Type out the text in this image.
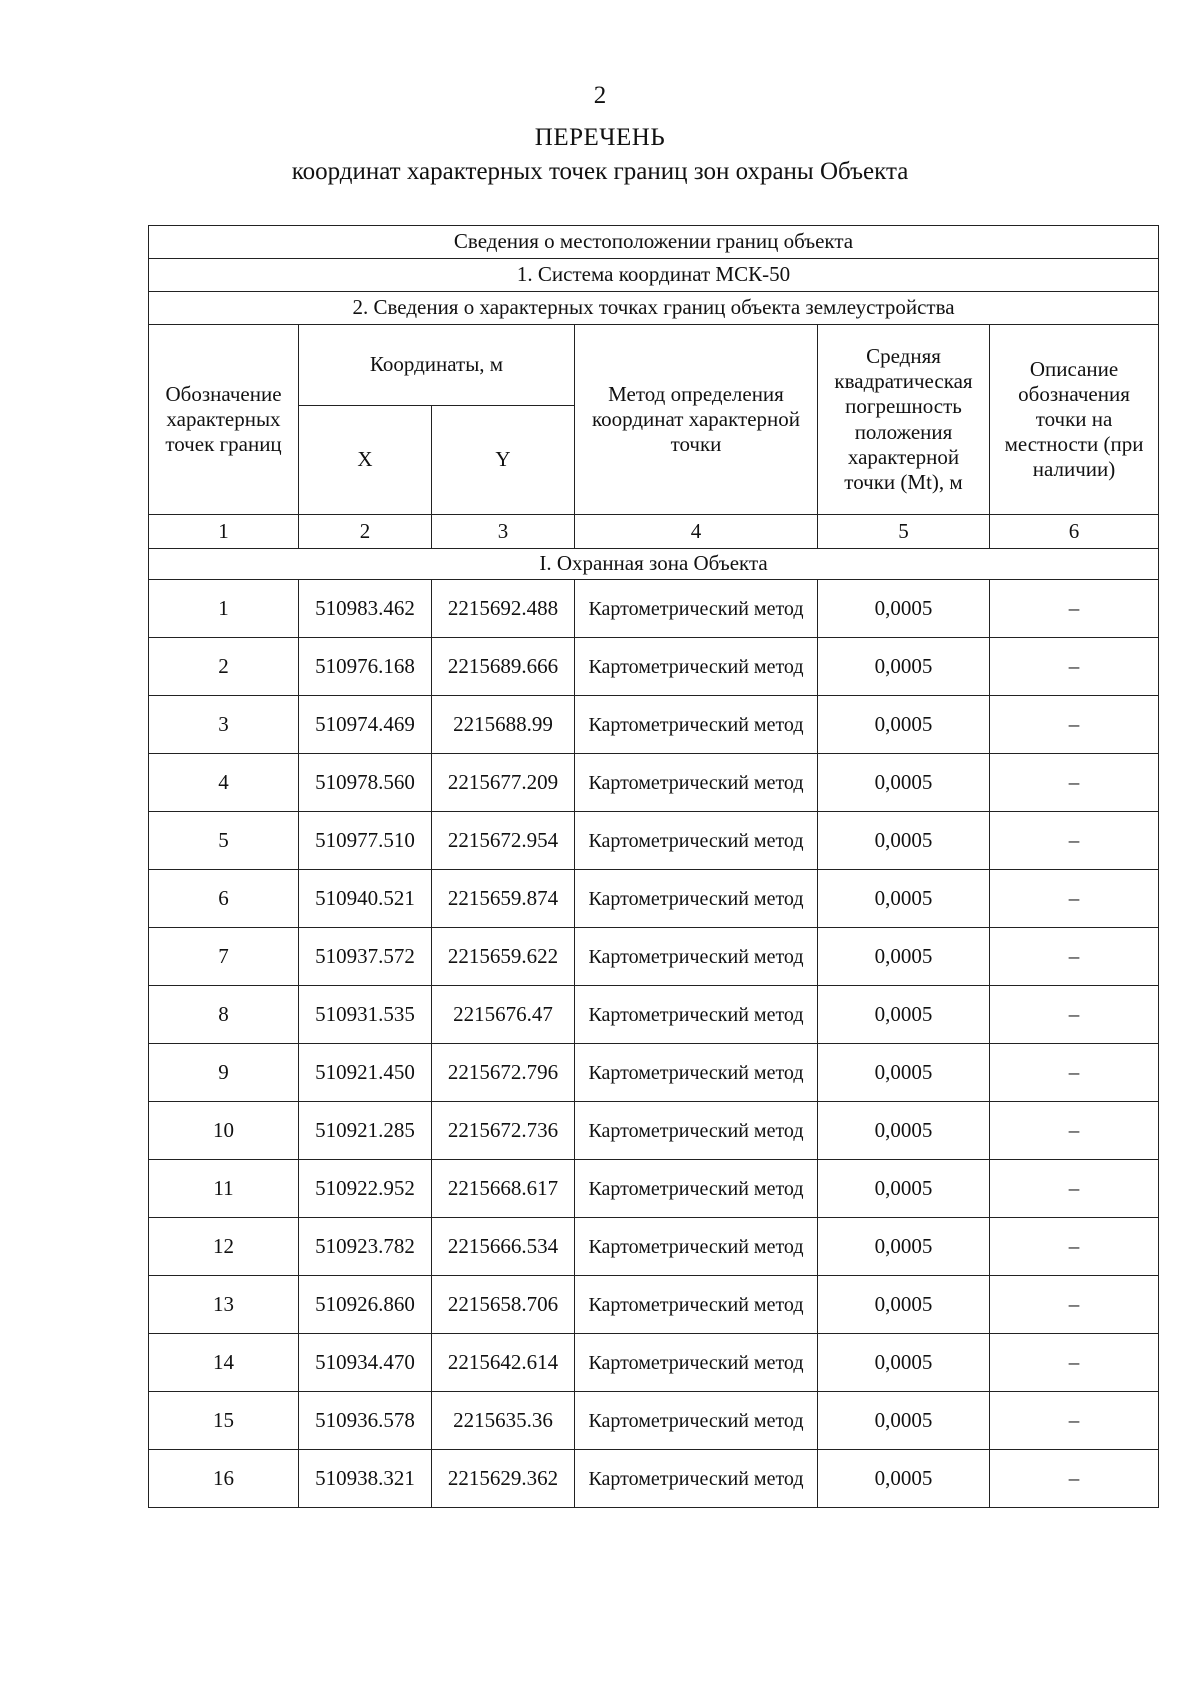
2
ПЕРЕЧЕНЬ
координат характерных точек границ зон охраны Объекта
Сведения о местоположении границ объекта					
1. Система координат МСК-50					
2. Сведения о характерных точках границ объекта землеустройства					
Обозначение характерных точек границ	Координаты, м		Метод определения координат характерной точки	Средняя квадратическая погрешность положения характерной точки (Mt), м	Описание обозначения точки на местности (при наличии)
	X	Y			
1	2	3	4	5	6
I. Охранная зона Объекта					
1	510983.462	2215692.488	Картометрический метод	0,0005	–
2	510976.168	2215689.666	Картометрический метод	0,0005	–
3	510974.469	2215688.99	Картометрический метод	0,0005	–
4	510978.560	2215677.209	Картометрический метод	0,0005	–
5	510977.510	2215672.954	Картометрический метод	0,0005	–
6	510940.521	2215659.874	Картометрический метод	0,0005	–
7	510937.572	2215659.622	Картометрический метод	0,0005	–
8	510931.535	2215676.47	Картометрический метод	0,0005	–
9	510921.450	2215672.796	Картометрический метод	0,0005	–
10	510921.285	2215672.736	Картометрический метод	0,0005	–
11	510922.952	2215668.617	Картометрический метод	0,0005	–
12	510923.782	2215666.534	Картометрический метод	0,0005	–
13	510926.860	2215658.706	Картометрический метод	0,0005	–
14	510934.470	2215642.614	Картометрический метод	0,0005	–
15	510936.578	2215635.36	Картометрический метод	0,0005	–
16	510938.321	2215629.362	Картометрический метод	0,0005	–
